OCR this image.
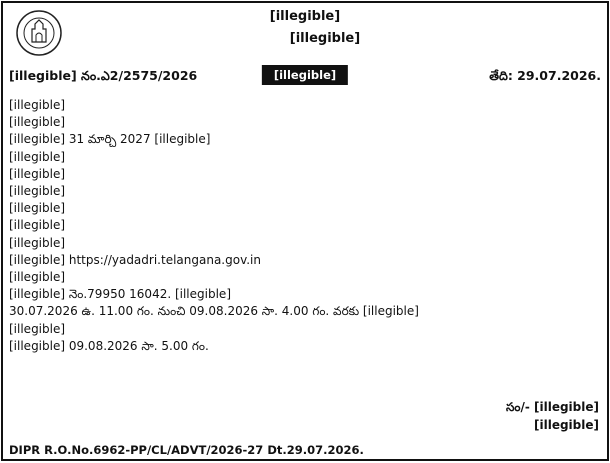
[illegible]
[illegible]
[illegible] నం.ఎ2/2575/2026	[illegible]	తేది: 29.07.2026.
[illegible]
[illegible]
[illegible] 31 మార్చి 2027 [illegible]
[illegible]
[illegible]
[illegible]
[illegible]
[illegible]
[illegible]
[illegible] https://yadadri.telangana.gov.in
[illegible]
[illegible] నెం.79950 16042. [illegible]
30.07.2026 ఉ. 11.00 గం. నుంచి 09.08.2026 సా. 4.00 గం. వరకు [illegible]
[illegible]
[illegible] 09.08.2026 సా. 5.00 గం.
సం/- [illegible]
[illegible]
DIPR R.O.No.6962-PP/CL/ADVT/2026-27 Dt.29.07.2026.
